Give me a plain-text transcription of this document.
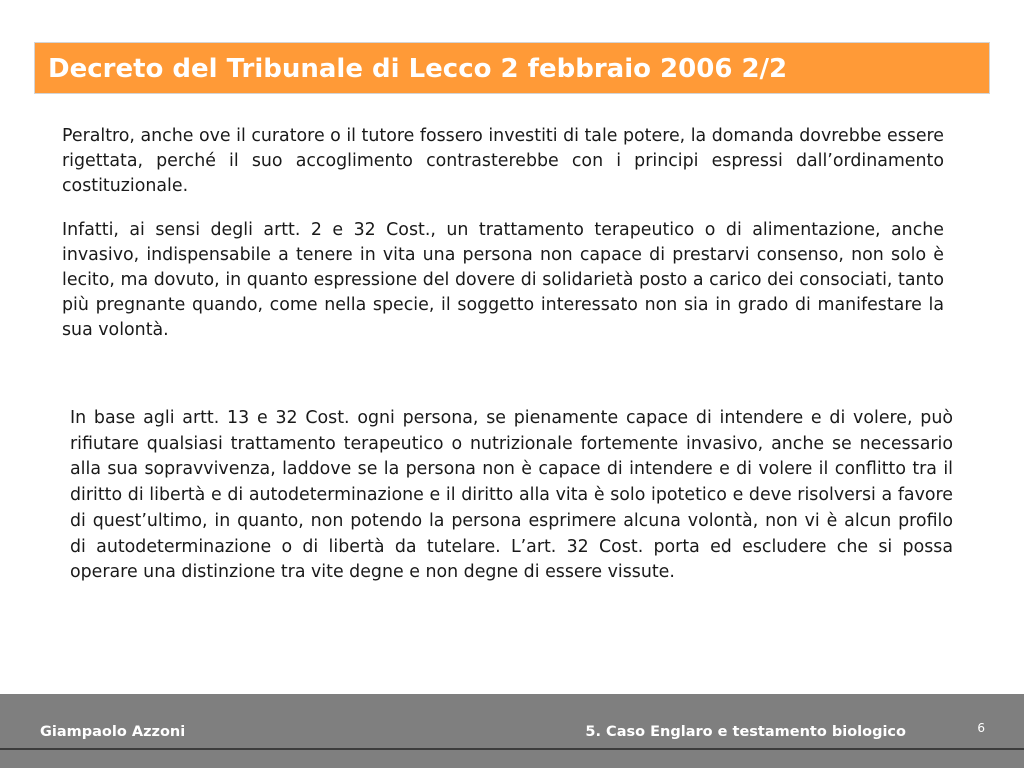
Decreto del Tribunale di Lecco 2 febbraio 2006 2/2

Peraltro, anche ove il curatore o il tutore fossero investiti di tale potere, la domanda dovrebbe essere rigettata, perché il suo accoglimento contrasterebbe con i principi espressi dall’ordinamento costituzionale.

Infatti, ai sensi degli artt. 2 e 32 Cost., un trattamento terapeutico o di alimentazione, anche invasivo, indispensabile a tenere in vita una persona non capace di prestarvi consenso, non solo è lecito, ma dovuto, in quanto espressione del dovere di solidarietà posto a carico dei consociati, tanto più pregnante quando, come nella specie, il soggetto interessato non sia in grado di manifestare la sua volontà.

In base agli artt. 13 e 32 Cost. ogni persona, se pienamente capace di intendere e di volere, può rifiutare qualsiasi trattamento terapeutico o nutrizionale fortemente invasivo, anche se necessario alla sua sopravvivenza, laddove se la persona non è capace di intendere e di volere il conflitto tra il diritto di libertà e di autodeterminazione e il diritto alla vita è solo ipotetico e deve risolversi a favore di quest’ultimo, in quanto, non potendo la persona esprimere alcuna volontà, non vi è alcun profilo di autodeterminazione o di libertà da tutelare. L’art. 32 Cost. porta ed escludere che si possa operare una distinzione tra vite degne e non degne di essere vissute.

Giampaolo Azzoni	5. Caso Englaro e testamento biologico	6
